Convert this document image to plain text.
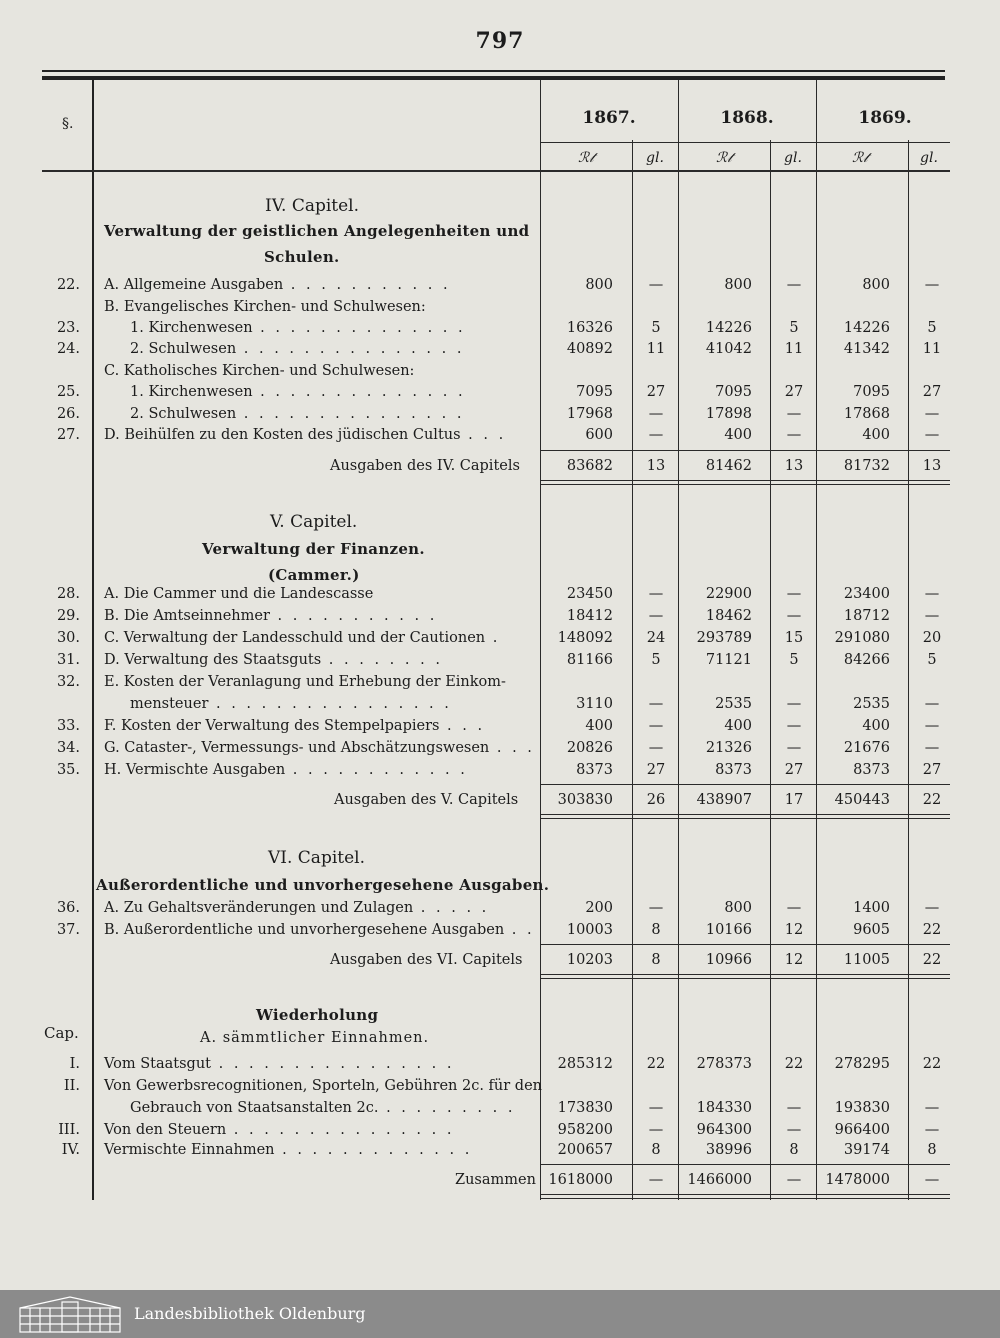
797
§.	1867.	1868.	1869.
ℛ𝓉	gl.	ℛ𝓉	gl.	ℛ𝓉	gl.
IV. Capitel.
Verwaltung der geistlichen Angelegenheiten und
Schulen.
22. A. Allgemeine Ausgaben . . . . . . . . . . .	800	—	800	—	800	—
B. Evangelisches Kirchen- und Schulwesen:
23.	1. Kirchenwesen . . . . . . . . . . . . . .	16326	5	14226	5	14226	5
24.	2. Schulwesen . . . . . . . . . . . . . . .	40892	11	41042	11	41342	11
C. Katholisches Kirchen- und Schulwesen:
25.	1. Kirchenwesen . . . . . . . . . . . . . .	7095	27	7095	27	7095	27
26.	2. Schulwesen . . . . . . . . . . . . . . .	17968	—	17898	—	17868	—
27. D. Beihülfen zu den Kosten des jüdischen Cultus . . .	600	—	400	—	400	—
Ausgaben des IV. Capitels	83682	13	81462	13	81732	13
V. Capitel.
Verwaltung der Finanzen.
(Cammer.)
28. A. Die Cammer und die Landescasse	23450	—	22900	—	23400	—
29. B. Die Amtseinnehmer . . . . . . . . . . .	18412	—	18462	—	18712	—
30. C. Verwaltung der Landesschuld und der Cautionen .	148092	24	293789	15	291080	20
31. D. Verwaltung des Staatsguts . . . . . . . .	81166	5	71121	5	84266	5
32. E. Kosten der Veranlagung und Erhebung der Einkom-
mensteuer . . . . . . . . . . . . . . . .	3110	—	2535	—	2535	—
33. F. Kosten der Verwaltung des Stempelpapiers . . .	400	—	400	—	400	—
34. G. Cataster-, Vermessungs- und Abschätzungswesen . . .	20826	—	21326	—	21676	—
35. H. Vermischte Ausgaben . . . . . . . . . . . .	8373	27	8373	27	8373	27
Ausgaben des V. Capitels	303830	26	438907	17	450443	22
VI. Capitel.
Außerordentliche und unvorhergesehene Ausgaben.
36. A. Zu Gehaltsveränderungen und Zulagen . . . . .	200	—	800	—	1400	—
37. B. Außerordentliche und unvorhergesehene Ausgaben . .	10003	8	10166	12	9605	22
Ausgaben des VI. Capitels	10203	8	10966	12	11005	22
Wiederholung
A. sämmtlicher Einnahmen.
Cap.
I. Vom Staatsgut . . . . . . . . . . . . . . . .	285312	22	278373	22	278295	22
II. Von Gewerbsrecognitionen, Sporteln, Gebühren 2c. für den
Gebrauch von Staatsanstalten 2c. . . . . . . . . .	173830	—	184330	—	193830	—
III. Von den Steuern . . . . . . . . . . . . . . .	958200	—	964300	—	966400	—
IV. Vermischte Einnahmen . . . . . . . . . . . . .	200657	8	38996	8	39174	8
Zusammen 1618000	—	1466000	—	1478000	—
Landesbibliothek Oldenburg
